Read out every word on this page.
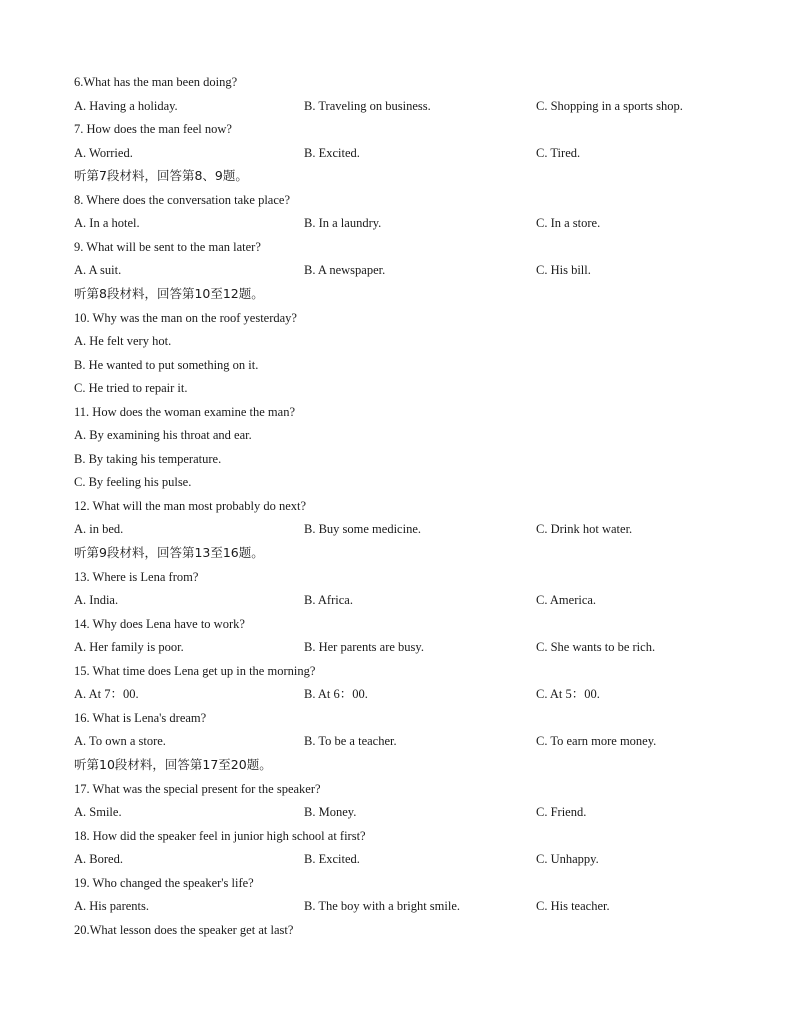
6.What has the man been doing?
A. Having a holiday.	B. Traveling on business.	C. Shopping in a sports shop.
7. How does the man feel now?
A. Worried.	B. Excited.	C. Tired.
听第7段材料，回答第8、9题。
8. Where does the conversation take place?
A. In a hotel.	B. In a laundry.	C. In a store.
9. What will be sent to the man later?
A. A suit.	B. A newspaper.	C. His bill.
听第8段材料，回答第10至12题。
10. Why was the man on the roof yesterday?
A. He felt very hot.
B. He wanted to put something on it.
C. He tried to repair it.
11. How does the woman examine the man?
A. By examining his throat and ear.
B. By taking his temperature.
C. By feeling his pulse.
12. What will the man most probably do next?
A. in bed.	B. Buy some medicine.	C. Drink hot water.
听第9段材料，回答第13至16题。
13. Where is Lena from?
A. India.	B. Africa.	C. America.
14. Why does Lena have to work?
A. Her family is poor.	B. Her parents are busy.	C. She wants to be rich.
15. What time does Lena get up in the morning?
A. At 7：00.	B. At 6：00.	C. At 5：00.
16. What is Lena's dream?
A. To own a store.	B. To be a teacher.	C. To earn more money.
听第10段材料，回答第17至20题。
17. What was the special present for the speaker?
A. Smile.	B. Money.	C. Friend.
18. How did the speaker feel in junior high school at first?
A. Bored.	B. Excited.	C. Unhappy.
19. Who changed the speaker's life?
A. His parents.	B. The boy with a bright smile.	C. His teacher.
20.What lesson does the speaker get at last?
